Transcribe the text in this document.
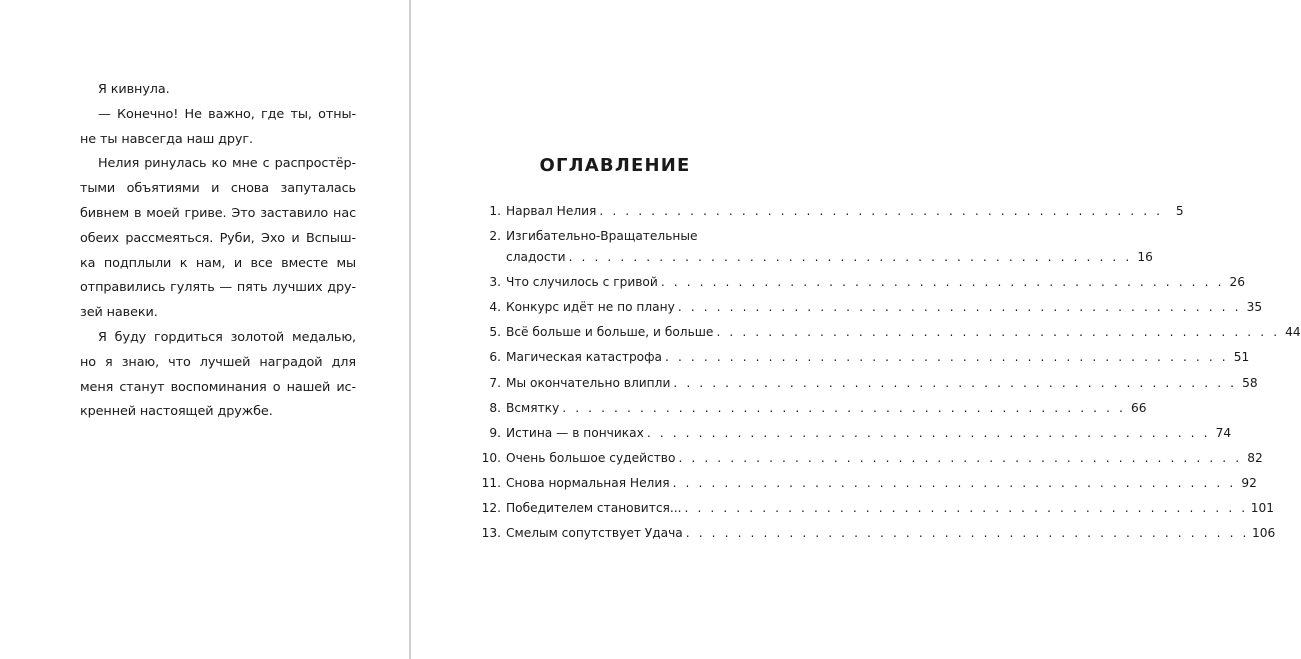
Я кивнула.
— Конечно! Не важно, где ты, отны-
не ты навсегда наш друг.
Нелия ринулась ко мне с распростёр-
тыми объятиями и снова запуталась
бивнем в моей гриве. Это заставило нас
обеих рассмеяться. Руби, Эхо и Вспыш-
ка подплыли к нам, и все вместе мы
отправились гулять — пять лучших дру-
зей навеки.
Я буду гордиться золотой медалью,
но я знаю, что лучшей наградой для
меня станут воспоминания о нашей ис-
кренней настоящей дружбе.
ОГЛАВЛЕНИЕ
1. Нарвал Нелия . . . . . . . . . . . . . . . . . . . . . . . . . . . . . . . . . . . . . . . . . . . .	5
2. Изгибательно-Вращательные
сладости . . . . . . . . . . . . . . . . . . . . . . . . . . . . . . . . . . . . . . . . . . . . 16
3. Что случилось с гривой . . . . . . . . . . . . . . . . . . . . . . . . . . . . . . . . . . . . . . . . . . . . 26
4. Конкурс идёт не по плану . . . . . . . . . . . . . . . . . . . . . . . . . . . . . . . . . . . . . . . . . . . . 35
5. Всё больше и больше, и больше . . . . . . . . . . . . . . . . . . . . . . . . . . . . . . . . . . . . . . . . . . . . 44
6. Магическая катастрофа . . . . . . . . . . . . . . . . . . . . . . . . . . . . . . . . . . . . . . . . . . . . 51
7. Мы окончательно влипли . . . . . . . . . . . . . . . . . . . . . . . . . . . . . . . . . . . . . . . . . . . . 58
8. Всмятку . . . . . . . . . . . . . . . . . . . . . . . . . . . . . . . . . . . . . . . . . . . . 66
9. Истина — в пончиках . . . . . . . . . . . . . . . . . . . . . . . . . . . . . . . . . . . . . . . . . . . . 74
10. Очень большое судейство . . . . . . . . . . . . . . . . . . . . . . . . . . . . . . . . . . . . . . . . . . . . 82
11. Снова нормальная Нелия . . . . . . . . . . . . . . . . . . . . . . . . . . . . . . . . . . . . . . . . . . . . 92
12. Победителем становится... . . . . . . . . . . . . . . . . . . . . . . . . . . . . . . . . . . . . . . . . . . . . 101
13. Смелым сопутствует Удача . . . . . . . . . . . . . . . . . . . . . . . . . . . . . . . . . . . . . . . . . . . . 106
